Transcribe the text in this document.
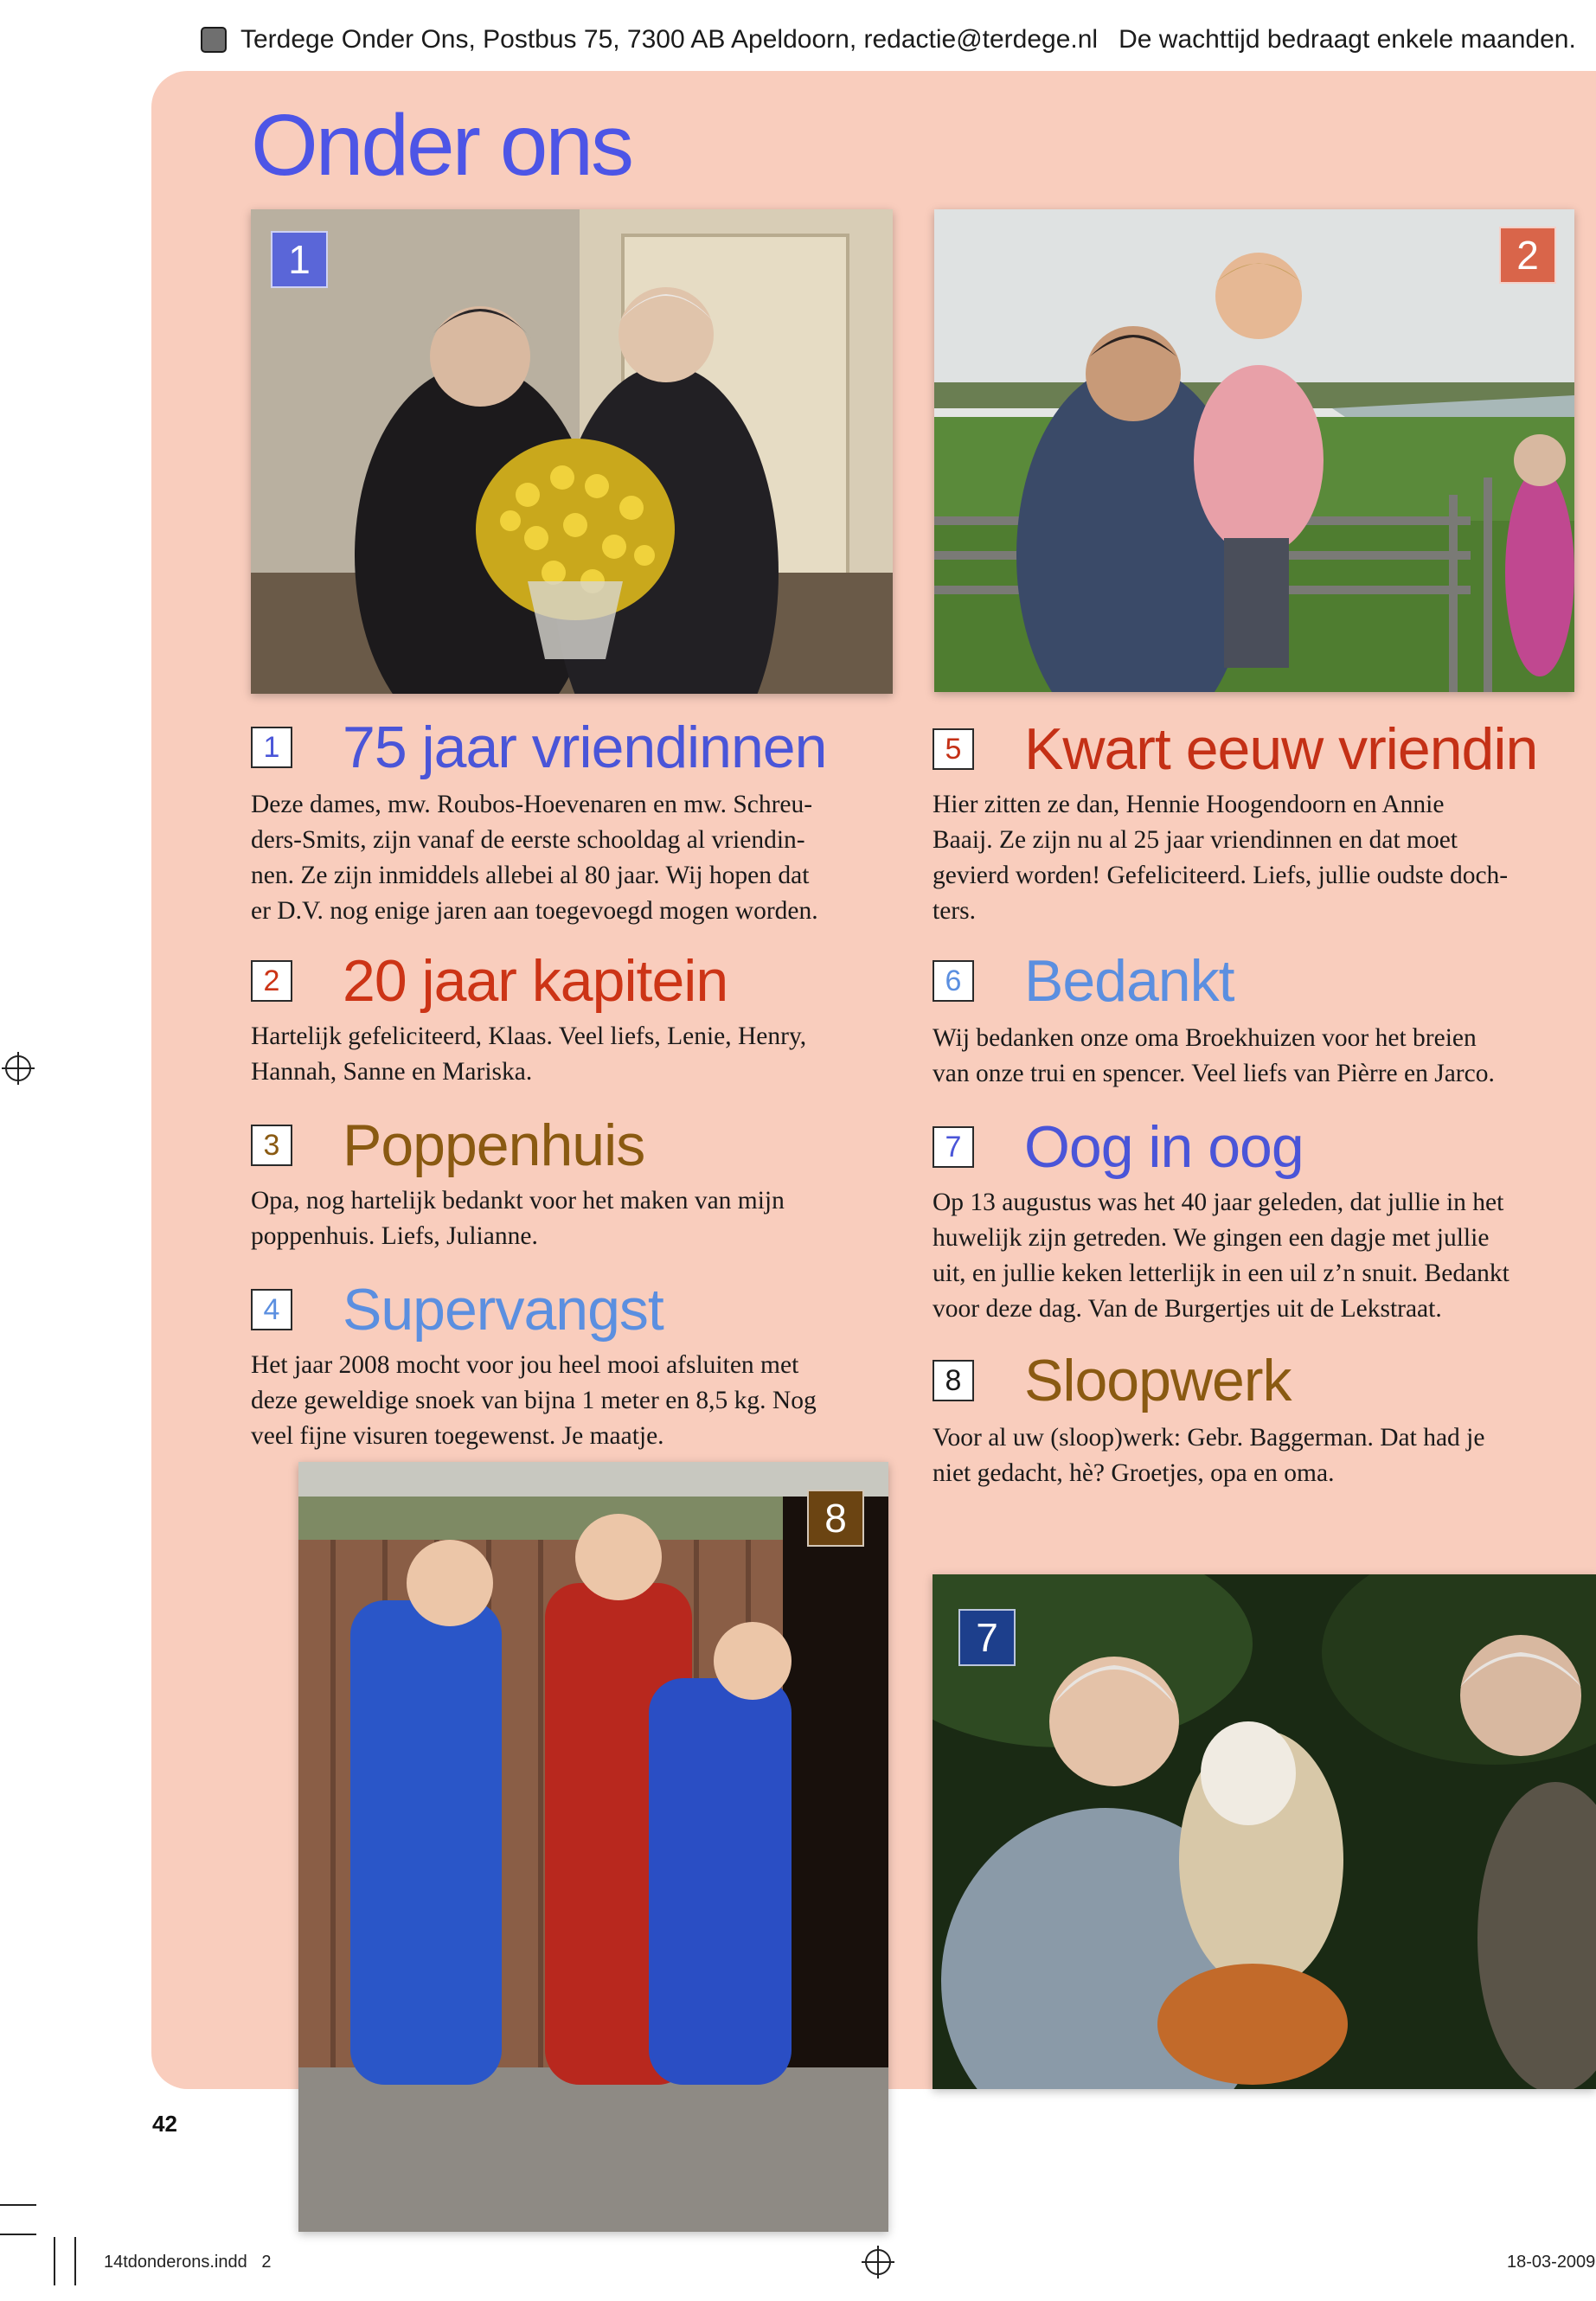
Terdege Onder Ons, Postbus 75, 7300 AB Apeldoorn, redactie@terdege.nl De wachttijd bedraagt enkele maanden.
Onder ons
1	2
1 75 jaar vriendinnen
Deze dames, mw. Roubos-Hoevenaren en mw. Schreu-
ders-Smits, zijn vanaf de eerste schooldag al vriendin-
nen. Ze zijn inmiddels allebei al 80 jaar. Wij hopen dat
er D.V. nog enige jaren aan toegevoegd mogen worden.
2 20 jaar kapitein
Hartelijk gefeliciteerd, Klaas. Veel liefs, Lenie, Henry,
Hannah, Sanne en Mariska.
3 Poppenhuis
Opa, nog hartelijk bedankt voor het maken van mijn
poppenhuis. Liefs, Julianne.
4 Supervangst
Het jaar 2008 mocht voor jou heel mooi afsluiten met
deze geweldige snoek van bijna 1 meter en 8,5 kg. Nog
veel fijne visuren toegewenst. Je maatje.
5 Kwart eeuw vriendin
Hier zitten ze dan, Hennie Hoogendoorn en Annie
Baaij. Ze zijn nu al 25 jaar vriendinnen en dat moet
gevierd worden! Gefeliciteerd. Liefs, jullie oudste doch-
ters.
6 Bedankt
Wij bedanken onze oma Broekhuizen voor het breien
van onze trui en spencer. Veel liefs van Pièrre en Jarco.
7 Oog in oog
Op 13 augustus was het 40 jaar geleden, dat jullie in het
huwelijk zijn getreden. We gingen een dagje met jullie
uit, en jullie keken letterlijk in een uil z’n snuit. Bedankt
voor deze dag. Van de Burgertjes uit de Lekstraat.
8 Sloopwerk
Voor al uw (sloop)werk: Gebr. Baggerman. Dat had je
niet gedacht, hè? Groetjes, opa en oma.
8
7
42
14tdonderons.indd   2	18-03-2009
